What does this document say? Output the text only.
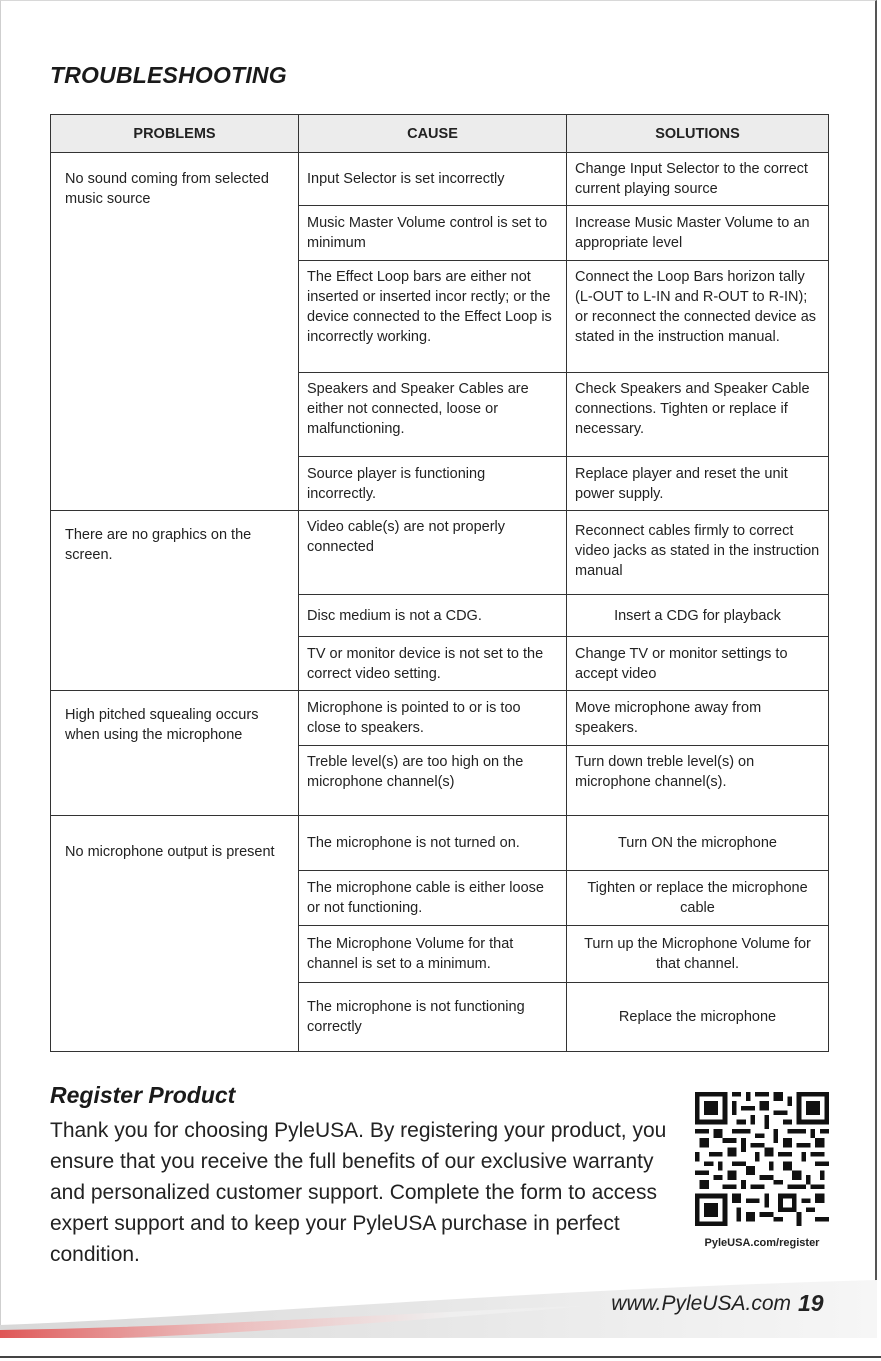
TROUBLESHOOTING
PROBLEMS	CAUSE	SOLUTIONS
No sound coming from selected music source	Input Selector is set incorrectly	Change Input Selector to the correct current playing source
	Music Master Volume control is set to minimum	Increase Music Master Volume to an appropriate level
	The Effect Loop bars are either not inserted or inserted incor rectly; or the device connected to the Effect Loop is incorrectly working.	Connect the Loop Bars horizon tally (L-OUT to L-IN and R-OUT to R-IN); or reconnect the connected device as stated in the instruction manual.
	Speakers and Speaker Cables are either not connected, loose or malfunctioning.	Check Speakers and Speaker Cable connections. Tighten or replace if necessary.
	Source player is functioning incorrectly.	Replace player and reset the unit power supply.
There are no graphics on the screen.	Video cable(s) are not properly connected	Reconnect cables firmly to correct video jacks as stated in the instruction manual
	Disc medium is not a CDG.	Insert a CDG for playback
	TV or monitor device is not set to the correct video setting.	Change TV or monitor settings to accept video
High pitched squealing occurs when using the microphone	Microphone is pointed to or is too close to speakers.	Move microphone away from speakers.
	Treble level(s) are too high on the microphone channel(s)	Turn down treble level(s) on microphone channel(s).
No microphone output is present	The microphone is not turned on.	Turn ON the microphone
	The microphone cable is either loose or not functioning.	Tighten or replace the microphone cable
	The Microphone Volume for that channel is set to a minimum.	Turn up the Microphone Volume for that channel.
	The microphone is not functioning correctly	Replace the microphone
Register Product

Thank you for choosing PyleUSA. By registering your product, you ensure that you receive the full benefits of our exclusive warranty and personalized customer support. Complete the form to access expert support and to keep your PyleUSA purchase in perfect condition.	PyleUSA.com/register
www.PyleUSA.com 19
